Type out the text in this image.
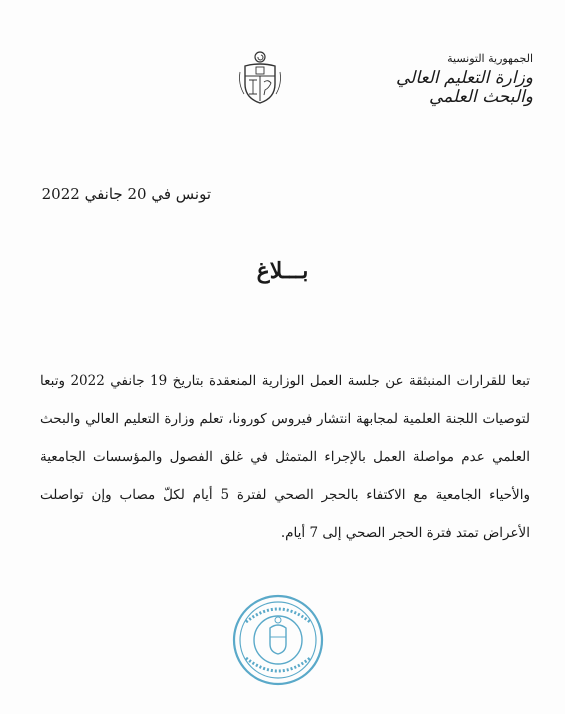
الجمهورية التونسية
وزارة التعليم العالي
والبحث العلمي
تونس في 20 جانفي 2022
بـــلاغ
تبعا للقرارات المنبثقة عن جلسة العمل الوزارية المنعقدة بتاريخ 19 جانفي 2022 وتبعا لتوصيات اللجنة العلمية لمجابهة انتشار فيروس كورونا، تعلم وزارة التعليم العالي والبحث العلمي عدم مواصلة العمل بالإجراء المتمثل في غلق الفصول والمؤسسات الجامعية والأحياء الجامعية مع الاكتفاء بالحجر الصحي لفترة 5 أيام لكلّ مصاب وإن تواصلت الأعراض تمتد فترة الحجر الصحي إلى 7 أيام.
